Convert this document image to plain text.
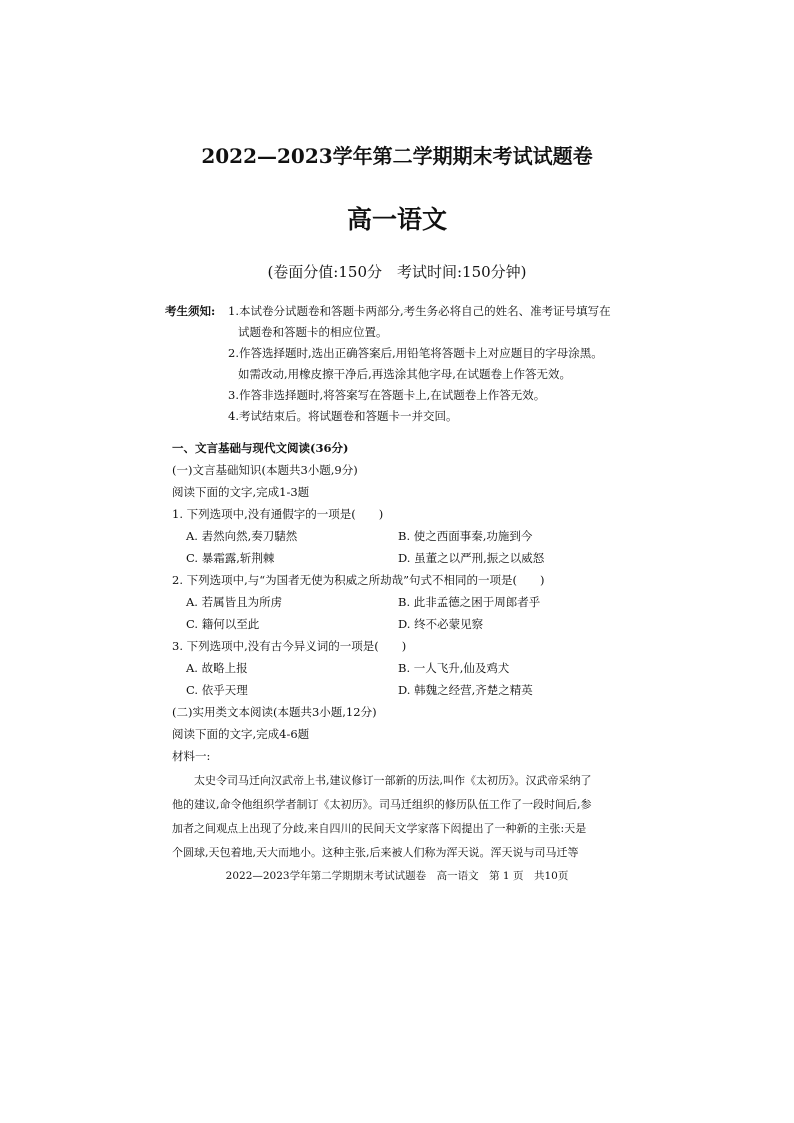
2022—2023学年第二学期期末考试试题卷
高一语文
(卷面分值:150分　考试时间:150分钟)
考生须知: 1.本试卷分试题卷和答题卡两部分,考生务必将自己的姓名、准考证号填写在
试题卷和答题卡的相应位置。
2.作答选择题时,选出正确答案后,用铅笔将答题卡上对应题目的字母涂黑。
如需改动,用橡皮擦干净后,再选涂其他字母,在试题卷上作答无效。
3.作答非选择题时,将答案写在答题卡上,在试题卷上作答无效。
4.考试结束后。将试题卷和答题卡一并交回。
一、文言基础与现代文阅读(36分)
(一)文言基础知识(本题共3小题,9分)
阅读下面的文字,完成1-3题
1. 下列选项中,没有通假字的一项是(　　)
A. 砉然向然,奏刀騞然	B. 使之西面事秦,功施到今
C. 暴霜露,斩荆棘	D. 虽董之以严刑,振之以威怒
2. 下列选项中,与“为国者无使为积威之所劫哉”句式不相同的一项是(　　)
A. 若属皆且为所虏	B. 此非孟德之困于周郎者乎
C. 籍何以至此	D. 终不必蒙见察
3. 下列选项中,没有古今异义词的一项是(　　)
A. 故略上报	B. 一人飞升,仙及鸡犬
C. 依乎天理	D. 韩魏之经营,齐楚之精英
(二)实用类文本阅读(本题共3小题,12分)
阅读下面的文字,完成4-6题
材料一:
　　太史令司马迁向汉武帝上书,建议修订一部新的历法,叫作《太初历》。汉武帝采纳了
他的建议,命令他组织学者制订《太初历》。司马迁组织的修历队伍工作了一段时间后,参
加者之间观点上出现了分歧,来自四川的民间天文学家落下闳提出了一种新的主张:天是
个圆球,天包着地,天大而地小。这种主张,后来被人们称为浑天说。浑天说与司马迁等
2022—2023学年第二学期期末考试试题卷　高一语文　第 1 页　共10页
